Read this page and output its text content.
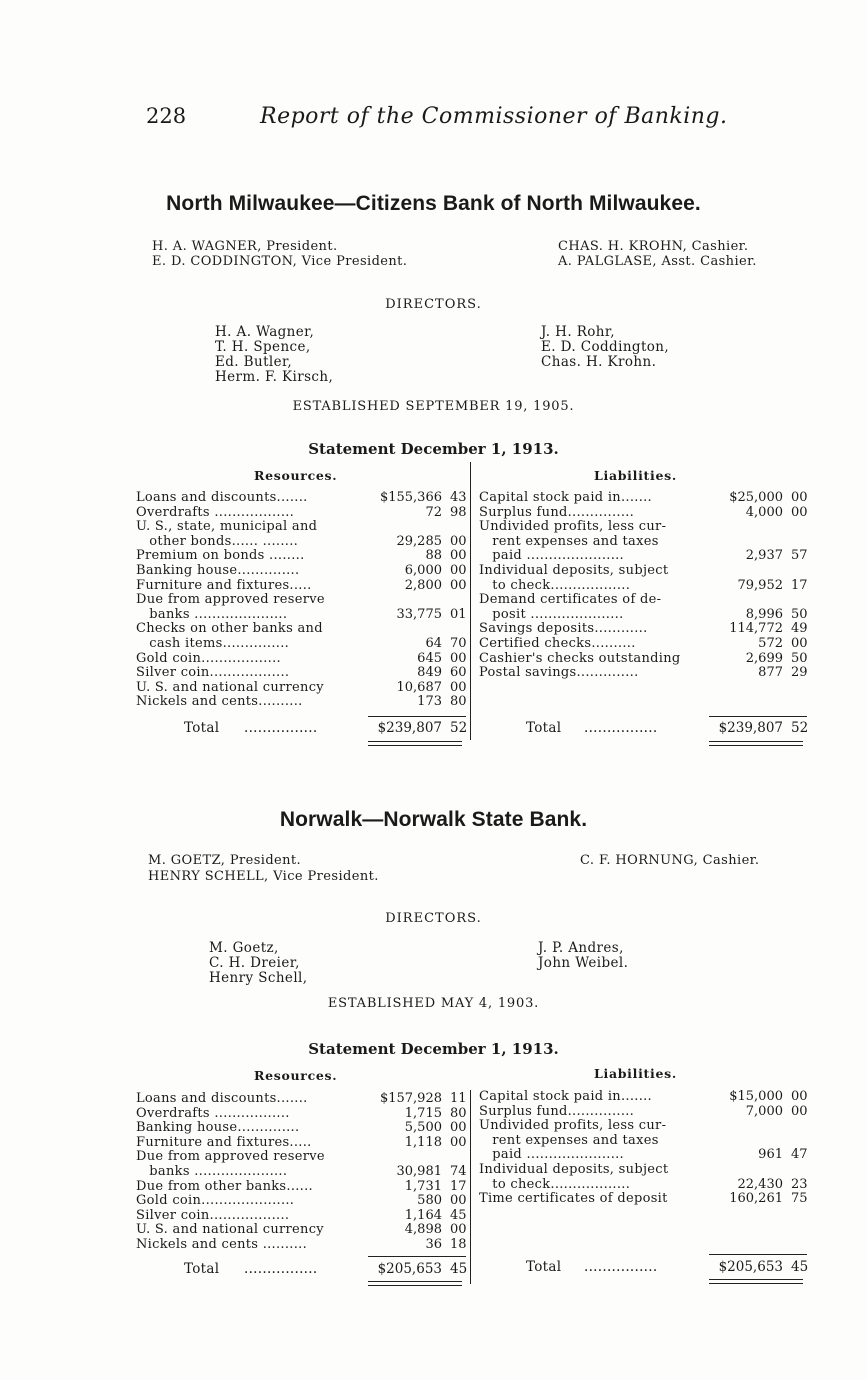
228	Report of the Commissioner of Banking.
North Milwaukee—Citizens Bank of North Milwaukee.
H. A. WAGNER, President.
E. D. CODDINGTON, Vice President.
CHAS. H. KROHN, Cashier.
A. PALGLASE, Asst. Cashier.
DIRECTORS.
H. A. Wagner,
T. H. Spence,
Ed. Butler,
Herm. F. Kirsch,
J. H. Rohr,
E. D. Coddington,
Chas. H. Krohn.
ESTABLISHED SEPTEMBER 19, 1905.
Statement December 1, 1913.
Resources.	Liabilities.
Loans and discounts.......	$155,366 43
Overdrafts ..................	72 98
U. S., state, municipal and
other bonds...... ........	29,285 00
Premium on bonds ........	88 00
Banking house..............	6,000 00
Furniture and fixtures.....	2,800 00
Due from approved reserve
banks .....................	33,775 01
Checks on other banks and
cash items...............	64 70
Gold coin..................	645 00
Silver coin..................	849 60
U. S. and national currency	10,687 00
Nickels and cents..........	173 80
Capital stock paid in.......	$25,000 00
Surplus fund...............	4,000 00
Undivided profits, less cur-
rent expenses and taxes
paid ......................	2,937 57
Individual deposits, subject
to check..................	79,952 17
Demand certificates of de-
posit .....................	8,996 50
Savings deposits............	114,772 49
Certified checks..........	572 00
Cashier's checks outstanding	2,699 50
Postal savings..............	877 29
Total ................	$239,807 52	Total ................	$239,807 52
Norwalk—Norwalk State Bank.
M. GOETZ, President.
HENRY SCHELL, Vice President.
C. F. HORNUNG, Cashier.
DIRECTORS.
M. Goetz,
C. H. Dreier,
Henry Schell,
J. P. Andres,
John Weibel.
ESTABLISHED MAY 4, 1903.
Statement December 1, 1913.
Resources.	Liabilities.
Loans and discounts.......	$157,928 11
Overdrafts .................	1,715 80
Banking house..............	5,500 00
Furniture and fixtures.....	1,118 00
Due from approved reserve
banks .....................	30,981 74
Due from other banks......	1,731 17
Gold coin.....................	580 00
Silver coin..................	1,164 45
U. S. and national currency	4,898 00
Nickels and cents ..........	36 18
Capital stock paid in.......	$15,000 00
Surplus fund...............	7,000 00
Undivided profits, less cur-
rent expenses and taxes
paid ......................	961 47
Individual deposits, subject
to check..................	22,430 23
Time certificates of deposit	160,261 75
Total ................	$205,653 45	Total ................	$205,653 45
